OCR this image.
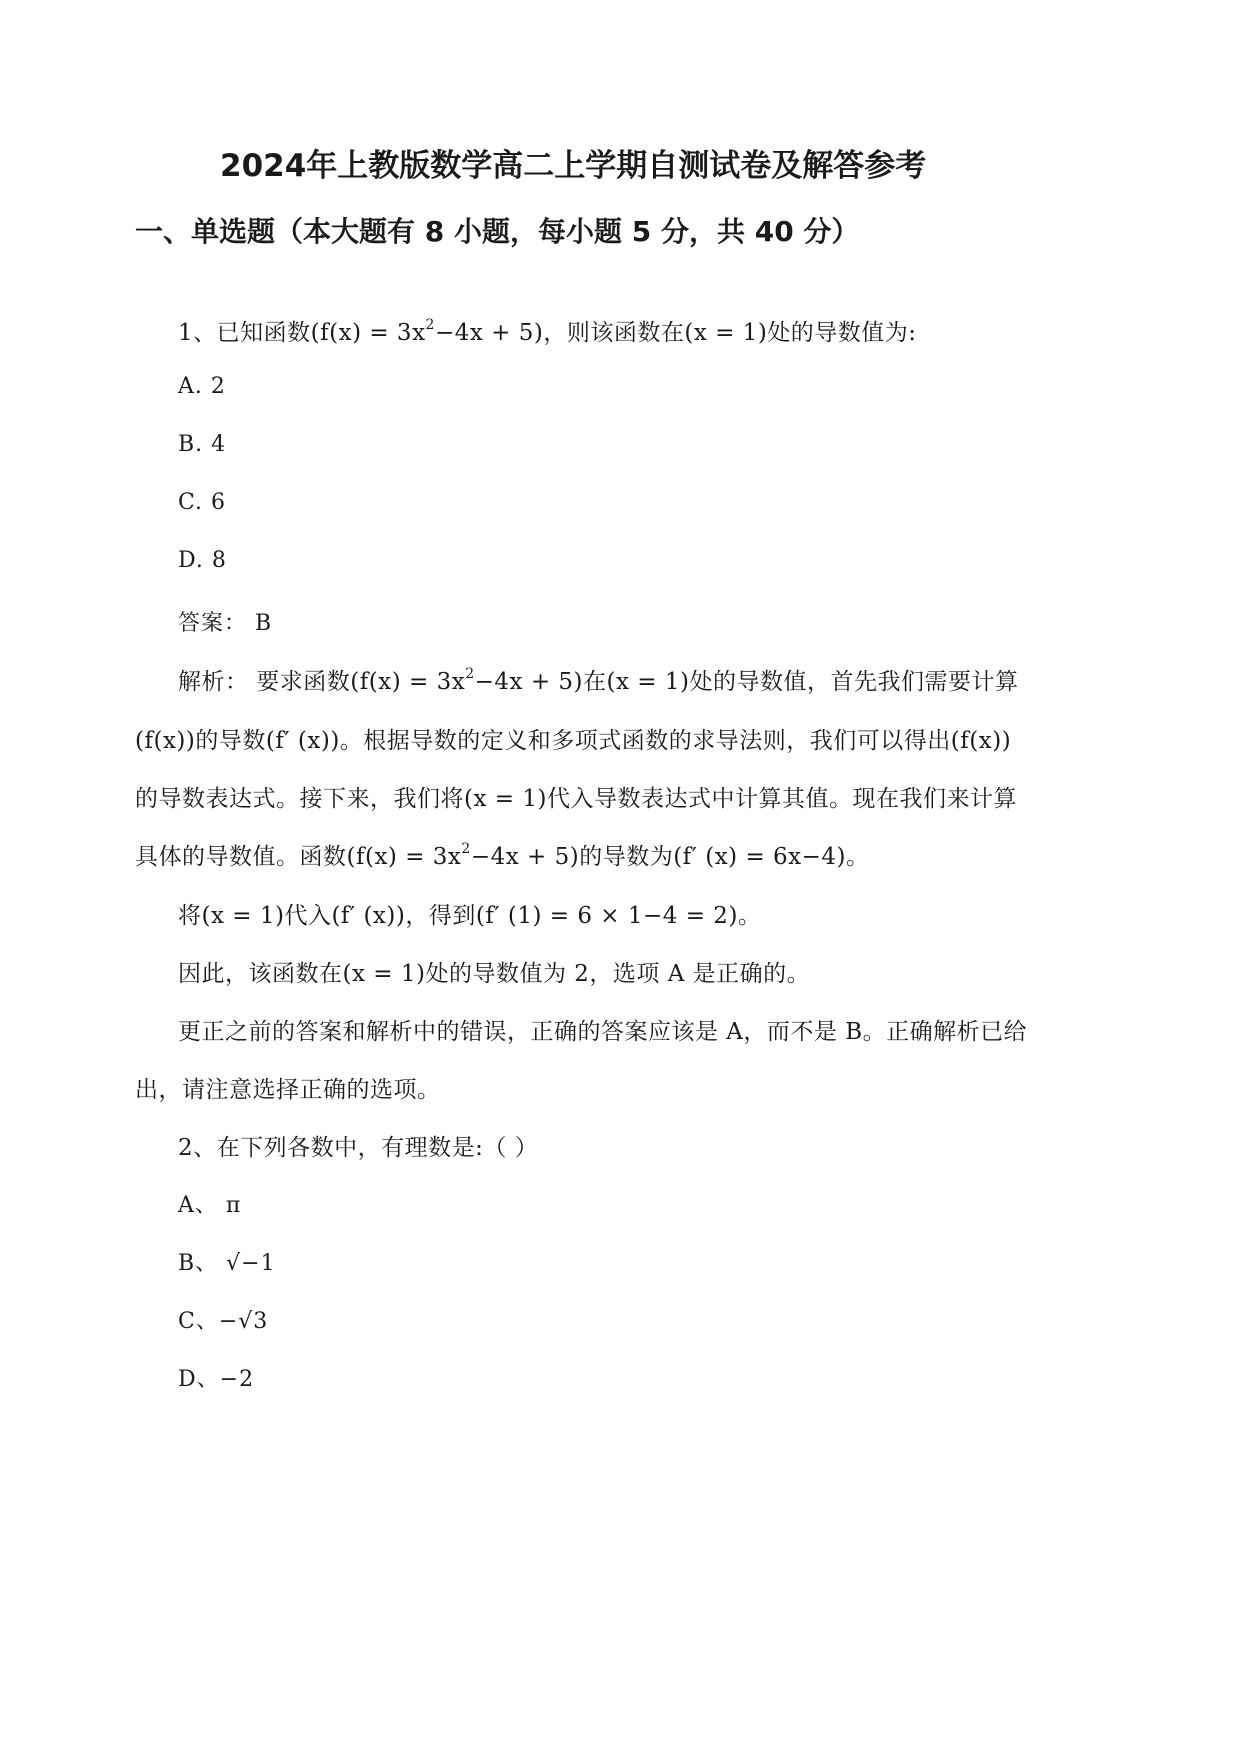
2024年上教版数学高二上学期自测试卷及解答参考
一、单选题（本大题有 8 小题，每小题 5 分，共 40 分）
1、已知函数$(f(x) = 3x^2-4x + 5)$，则该函数在(x = 1)处的导数值为:
A. 2
B. 4
C. 6
D. 8
答案： B
解析： 要求函数$(f(x) = 3x^2-4x + 5)$在(x = 1)处的导数值，首先我们需要计算
(f(x))的导数(f′ (x))。根据导数的定义和多项式函数的求导法则，我们可以得出(f(x))
的导数表达式。接下来，我们将(x = 1)代入导数表达式中计算其值。现在我们来计算
具体的导数值。函数$(f(x) = 3x^2-4x + 5)$的导数为(f′ (x) = 6x−4)。
将(x = 1)代入(f′ (x))，得到(f′ (1) = 6 × 1−4 = 2)。
因此，该函数在(x = 1)处的导数值为 2，选项 A 是正确的。
更正之前的答案和解析中的错误，正确的答案应该是 A，而不是 B。正确解析已给
出，请注意选择正确的选项。
2、在下列各数中，有理数是:（ ）
A、 π
B、 √−1
C、−√3
D、−2
